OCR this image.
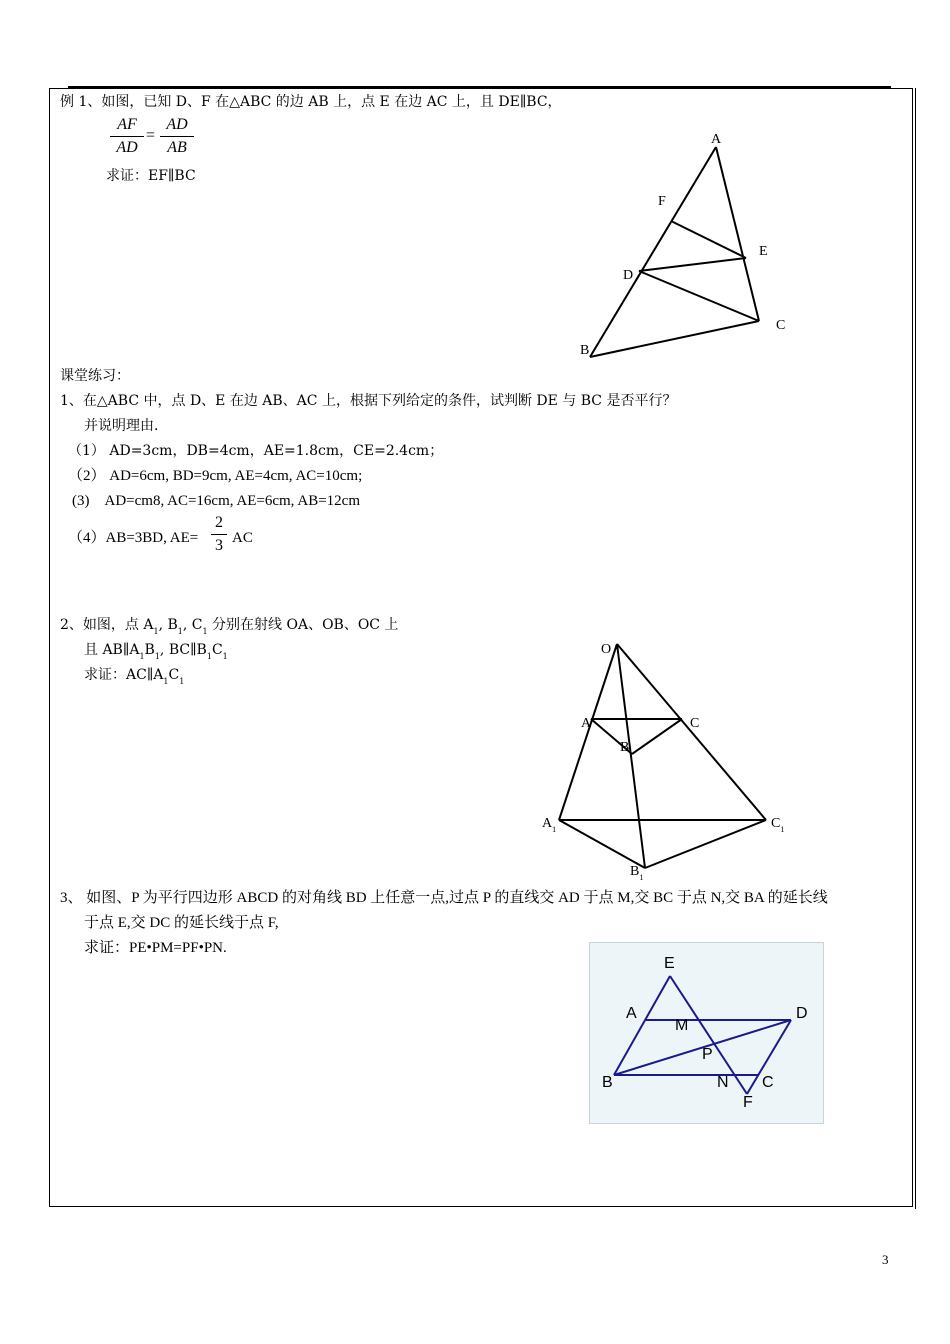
例 1、如图，已知 D、F 在△ABC 的边 AB 上，点 E 在边 AC 上，且 DE∥BC，
AF
AD
=
AD
AB
求证：EF∥BC
A
F
E
D
C
B
课堂练习：
1、在△ABC 中，点 D、E 在边 AB、AC 上，根据下列给定的条件，试判断 DE 与 BC 是否平行？
并说明理由.
（1） AD=3cm，DB=4cm，AE=1.8cm，CE=2.4cm；
（2） AD=6cm, BD=9cm, AE=4cm, AC=10cm;
(3)　AD=cm8, AC=16cm, AE=6cm, AB=12cm
（4）AB=3BD, AE=
2
3 AC
2、如图，点 $A_1$, $B_1$, $C_1$ 分别在射线 OA、OB、OC 上
且 $AB\parallel A_1B_1$, $BC\parallel B_1C_1$
求证：$AC\parallel A_1C_1$
O
A	C
B
$A_1$	$C_1$
$B_1$
3、 如图、P 为平行四边形 ABCD 的对角线 BD 上任意一点,过点 P 的直线交 AD 于点 M,交 BC 于点 N,交 BA 的延长线
于点 E,交 DC 的延长线于点 F,
求证：PE•PM=PF•PN.
E
A
M
D
P
B	N C
F
3
